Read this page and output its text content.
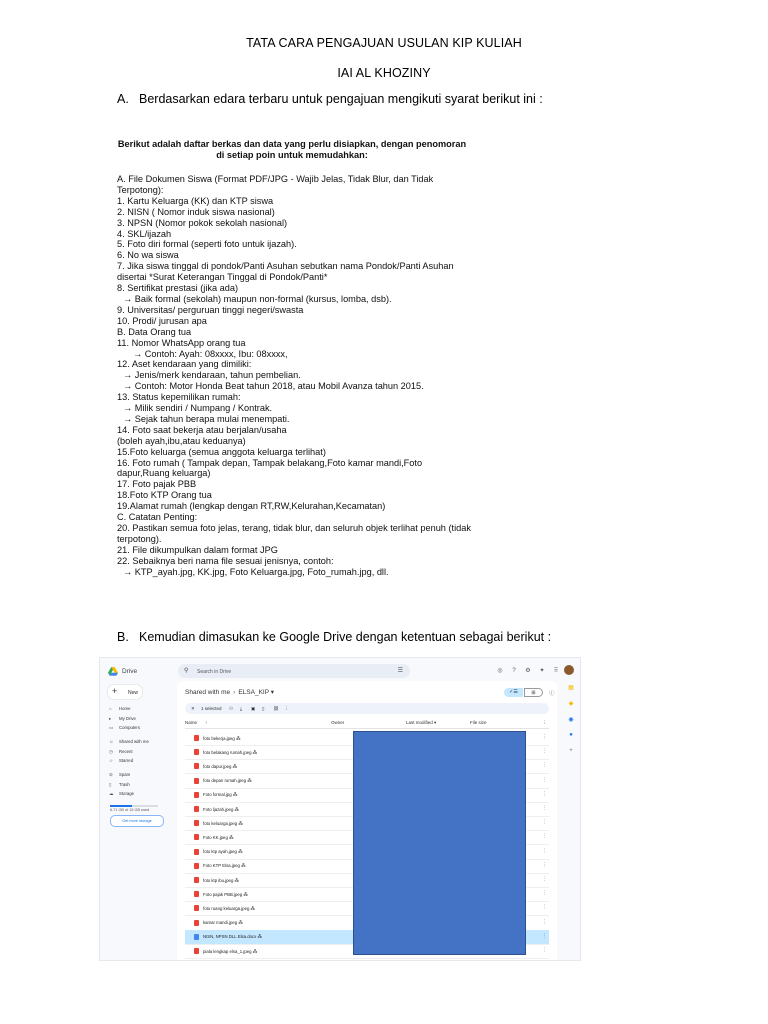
TATA CARA PENGAJUAN USULAN KIP KULIAH
IAI AL KHOZINY
A. Berdasarkan edara terbaru untuk pengajuan mengikuti syarat berikut ini :
Berikut adalah daftar berkas dan data yang perlu disiapkan, dengan penomoran
di setiap poin untuk memudahkan:
A. File Dokumen Siswa (Format PDF/JPG - Wajib Jelas, Tidak Blur, dan Tidak
Terpotong):
1. Kartu Keluarga (KK) dan KTP siswa
2. NISN ( Nomor induk siswa nasional)
3. NPSN (Nomor pokok sekolah nasional)
4. SKL/ijazah
5. Foto diri formal (seperti foto untuk ijazah).
6. No wa siswa
7. Jika siswa tinggal di pondok/Panti Asuhan sebutkan nama Pondok/Panti Asuhan
disertai *Surat Keterangan Tinggal di Pondok/Panti*
8. Sertifikat prestasi (jika ada)
→ Baik formal (sekolah) maupun non-formal (kursus, lomba, dsb).
9. Universitas/ perguruan tinggi negeri/swasta
10. Prodi/ jurusan apa
B. Data Orang tua
11. Nomor WhatsApp orang tua
→ Contoh: Ayah: 08xxxx, Ibu: 08xxxx,
12. Aset kendaraan yang dimiliki:
→ Jenis/merk kendaraan, tahun pembelian.
→ Contoh: Motor Honda Beat tahun 2018, atau Mobil Avanza tahun 2015.
13. Status kepemilikan rumah:
→ Milik sendiri / Numpang / Kontrak.
→ Sejak tahun berapa mulai menempati.
14. Foto saat bekerja atau berjalan/usaha
(boleh ayah,ibu,atau keduanya)
15.Foto keluarga (semua anggota keluarga terlihat)
16. Foto rumah ( Tampak depan, Tampak belakang,Foto kamar mandi,Foto
dapur,Ruang keluarga)
17. Foto pajak PBB
18.Foto KTP Orang tua
19.Alamat rumah (lengkap dengan RT,RW,Kelurahan,Kecamatan)
C. Catatan Penting:
20. Pastikan semua foto jelas, terang, tidak blur, dan seluruh objek terlihat penuh (tidak
terpotong).
21. File dikumpulkan dalam format JPG
22. Sebaiknya beri nama file sesuai jenisnya, contoh:
→ KTP_ayah.jpg, KK.jpg, Foto Keluarga.jpg, Foto_rumah.jpg, dll.
B. Kemudian dimasukan ke Google Drive dengan ketentuan sebagai berikut :
Drive	⚲ Search in Drive	☰	◎ ? ⚙ ✦ ⠿
+ New
⌂ Home
▸ My Drive
▭ Computers
☺ Shared with me
◷ Recent
☆ Starred
⊘ Spam
▯ Trash
☁ Storage
6.71 GB of 15 GB used
Get more storage
Shared with me › ELSA_KIP ▾	✓☰	⊞	ⓘ
✕ 1 selected ⚇ ⤓ ▣ ▯ ⛓ ⋮
Name ↑	Owner	Last modified ▾	File size	⋮
foto bekerja.jpeg ⁂	⋮
foto belakang rumah.jpeg ⁂	⋮
foto dapur.jpeg ⁂	⋮
foto depan rumah.jpeg ⁂	⋮
Foto formal.jpg ⁂	⋮
Foto ljazah.jpeg ⁂	⋮
foto keluarga.jpeg ⁂	⋮
Foto KK.jpeg ⁂	⋮
foto ktp ayah.jpeg ⁂	⋮
Foto KTP Elsa.jpeg ⁂	⋮
foto ktp ibu.jpeg ⁂	⋮
Foto pajak PBB.jpeg ⁂	⋮
foto ruang keluarga.jpeg ⁂	⋮
kamar mandi.jpeg ⁂	⋮
NISN, NPSN DLL Elsa.docx ⁂	⋮
piala lengkap elsa_1.jpeg ⁂	⋮
▦
◆
◉
●
+
